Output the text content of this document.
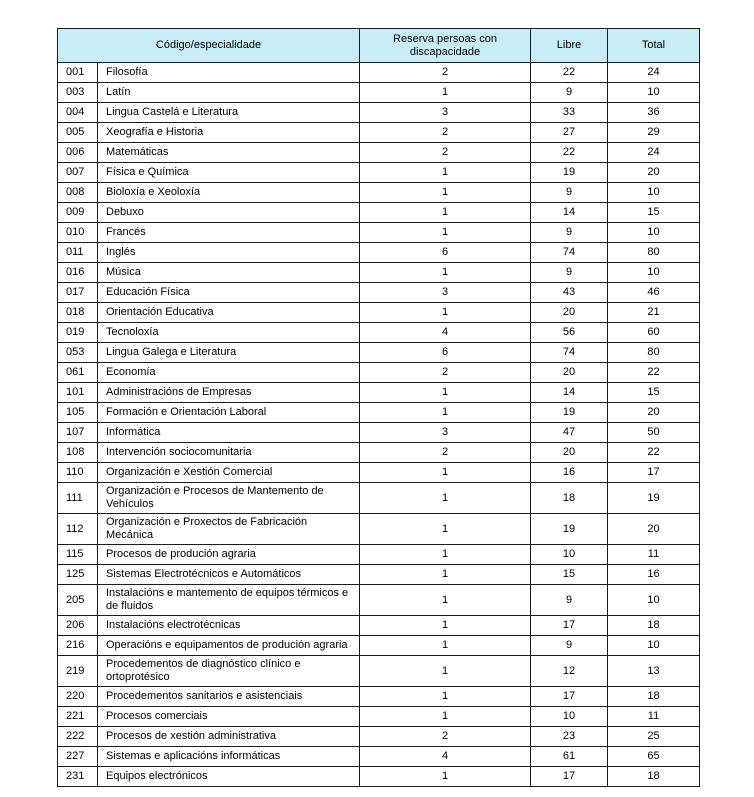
Código/especialidade		Reserva persoas con discapacidade	Libre	Total
001	Filosofía	2	22	24
003	Latín	1	9	10
004	Lingua Castelá e Literatura	3	33	36
005	Xeografía e Historia	2	27	29
006	Matemáticas	2	22	24
007	Física e Química	1	19	20
008	Bioloxía e Xeoloxía	1	9	10
009	Debuxo	1	14	15
010	Francés	1	9	10
011	Inglés	6	74	80
016	Música	1	9	10
017	Educación Física	3	43	46
018	Orientación Educativa	1	20	21
019	Tecnoloxía	4	56	60
053	Lingua Galega e Literatura	6	74	80
061	Economía	2	20	22
101	Administracións de Empresas	1	14	15
105	Formación e Orientación Laboral	1	19	20
107	Informática	3	47	50
108	Intervención sociocomunitaria	2	20	22
110	Organización e Xestión Comercial	1	16	17
111	Organización e Procesos de Mantemento de Vehículos	1	18	19
112	Organización e Proxectos de Fabricación Mecánica	1	19	20
115	Procesos de produción agraria	1	10	11
125	Sistemas Electrotécnicos e Automáticos	1	15	16
205	Instalacións e mantemento de equipos térmicos e de fluidos	1	9	10
206	Instalacións electrotécnicas	1	17	18
216	Operacións e equipamentos de produción agraria	1	9	10
219	Procedementos de diagnóstico clínico e ortoprotésico	1	12	13
220	Procedementos sanitarios e asistenciais	1	17	18
221	Procesos comerciais	1	10	11
222	Procesos de xestión administrativa	2	23	25
227	Sistemas e aplicacións informáticas	4	61	65
231	Equipos electrónicos	1	17	18
